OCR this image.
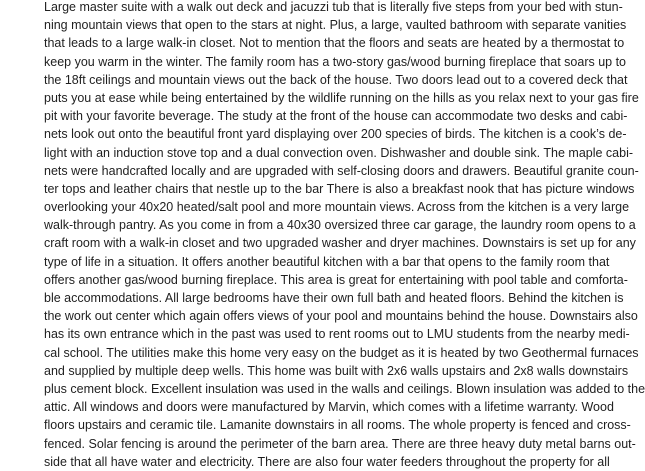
Large master suite with a walk out deck and jacuzzi tub that is literally five steps from your bed with stun-
ning mountain views that open to the stars at night. Plus, a large, vaulted bathroom with separate vanities
that leads to a large walk-in closet. Not to mention that the floors and seats are heated by a thermostat to
keep you warm in the winter. The family room has a two-story gas/wood burning fireplace that soars up to
the 18ft ceilings and mountain views out the back of the house. Two doors lead out to a covered deck that
puts you at ease while being entertained by the wildlife running on the hills as you relax next to your gas fire
pit with your favorite beverage. The study at the front of the house can accommodate two desks and cabi-
nets look out onto the beautiful front yard displaying over 200 species of birds. The kitchen is a cook’s de-
light with an induction stove top and a dual convection oven. Dishwasher and double sink. The maple cabi-
nets were handcrafted locally and are upgraded with self-closing doors and drawers. Beautiful granite coun-
ter tops and leather chairs that nestle up to the bar There is also a breakfast nook that has picture windows
overlooking your 40x20 heated/salt pool and more mountain views. Across from the kitchen is a very large
walk-through pantry. As you come in from a 40x30 oversized three car garage, the laundry room opens to a
craft room with a walk-in closet and two upgraded washer and dryer machines. Downstairs is set up for any
type of life in a situation. It offers another beautiful kitchen with a bar that opens to the family room that
offers another gas/wood burning fireplace. This area is great for entertaining with pool table and comforta-
ble accommodations. All large bedrooms have their own full bath and heated floors. Behind the kitchen is
the work out center which again offers views of your pool and mountains behind the house. Downstairs also
has its own entrance which in the past was used to rent rooms out to LMU students from the nearby medi-
cal school. The utilities make this home very easy on the budget as it is heated by two Geothermal furnaces
and supplied by multiple deep wells. This home was built with 2x6 walls upstairs and 2x8 walls downstairs
plus cement block. Excellent insulation was used in the walls and ceilings. Blown insulation was added to the
attic. All windows and doors were manufactured by Marvin, which comes with a lifetime warranty. Wood
floors upstairs and ceramic tile. Lamanite downstairs in all rooms. The whole property is fenced and cross-
fenced. Solar fencing is around the perimeter of the barn area. There are three heavy duty metal barns out-
side that all have water and electricity. There are also four water feeders throughout the property for all
